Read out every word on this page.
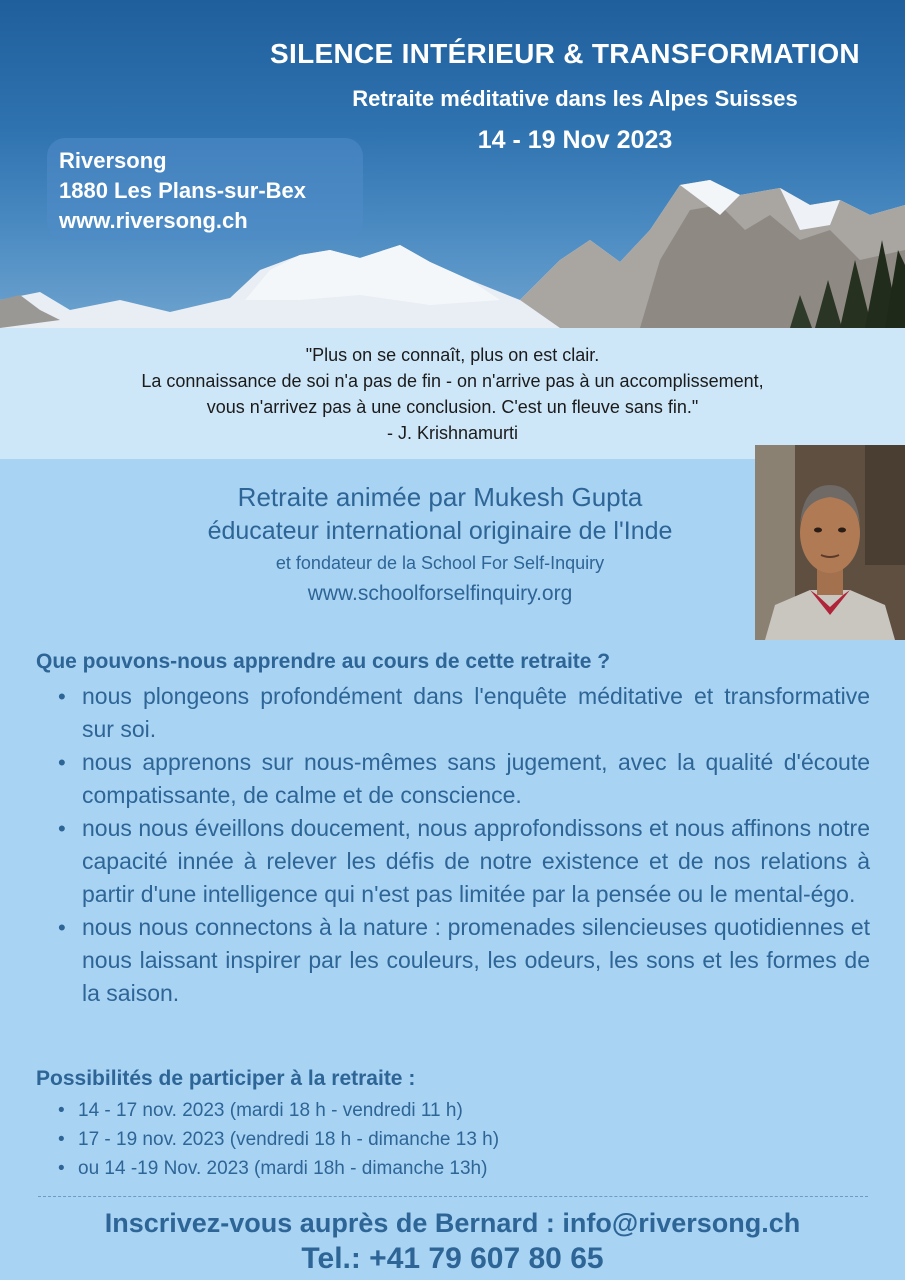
SILENCE INTÉRIEUR & TRANSFORMATION
Retraite méditative dans les Alpes Suisses
14 - 19 Nov 2023
Riversong
1880 Les Plans-sur-Bex
www.riversong.ch
"Plus on se connaît, plus on est clair.
La connaissance de soi n'a pas de fin - on n'arrive pas à un accomplissement,
vous n'arrivez pas à une conclusion. C'est un fleuve sans fin."
- J. Krishnamurti
Retraite animée par Mukesh Gupta
éducateur international originaire de l'Inde
et fondateur de la School For Self-Inquiry
www.schoolforselfinquiry.org
Que pouvons-nous apprendre au cours de cette retraite ?
• nous plongeons profondément dans l'enquête méditative et transformative sur soi.
• nous apprenons sur nous-mêmes sans jugement, avec la qualité d'écoute compatissante, de calme et de conscience.
• nous nous éveillons doucement, nous approfondissons et nous affinons notre capacité innée à relever les défis de notre existence et de nos relations à partir d'une intelligence qui n'est pas limitée par la pensée ou le mental-égo.
• nous nous connectons à la nature : promenades silencieuses quotidiennes et nous laissant inspirer par les couleurs, les odeurs, les sons et les formes de la saison.
Possibilités de participer à la retraite :
• 14 - 17 nov. 2023 (mardi 18 h - vendredi 11 h)
• 17 - 19 nov. 2023 (vendredi 18 h - dimanche 13 h)
• ou 14 -19 Nov. 2023 (mardi 18h - dimanche 13h)
Inscrivez-vous auprès de Bernard : info@riversong.ch
Tel.: +41 79 607 80 65
